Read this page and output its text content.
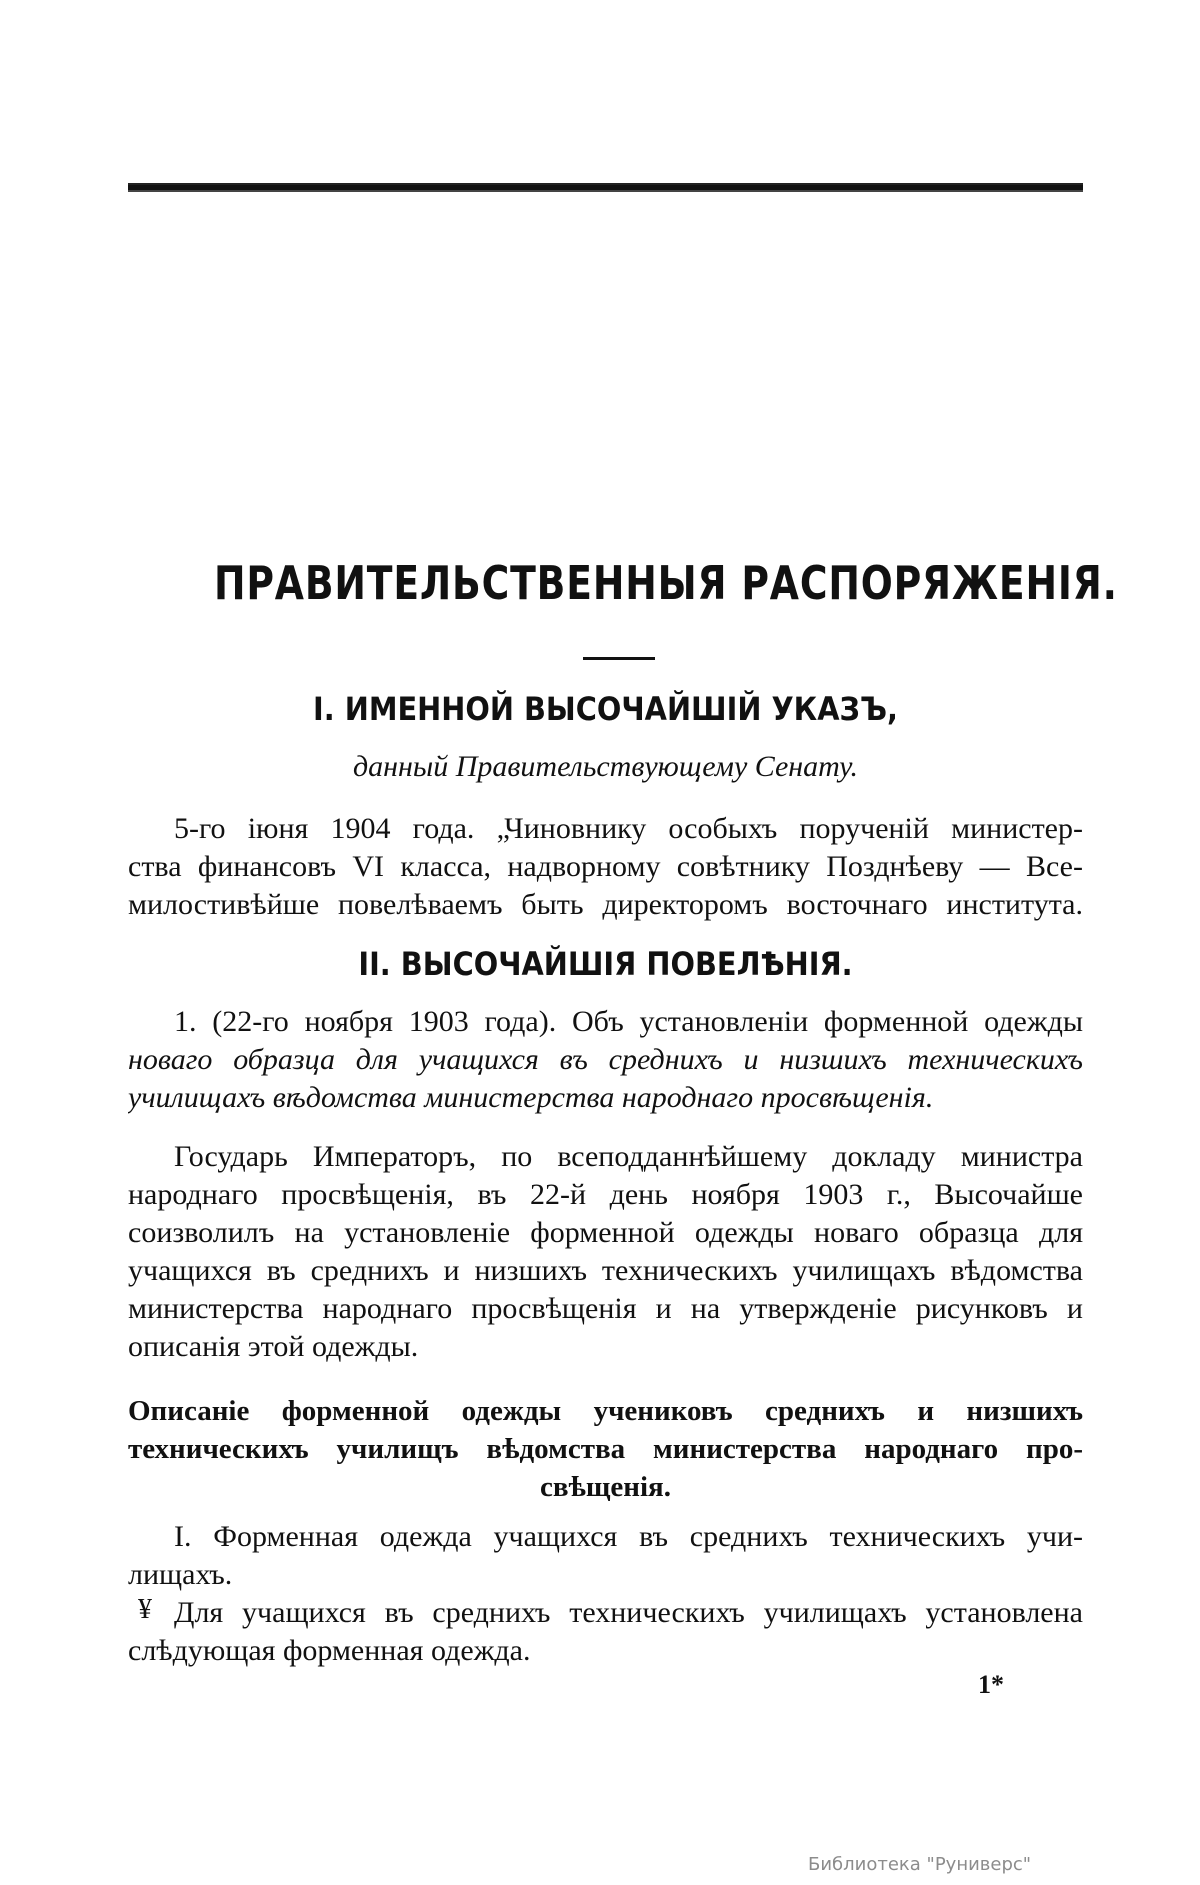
ПРАВИТЕЛЬСТВЕННЫЯ РАСПОРЯЖЕНІЯ.
I. ИМЕННОЙ ВЫСОЧАЙШІЙ УКАЗЪ,
данный Правительствующему Сенату.
5-го іюня 1904 года. „Чиновнику особыхъ порученій министер-
ства финансовъ VI класса, надворному совѣтнику Позднѣеву — Все-
милостивѣйше повелѣваемъ быть директоромъ восточнаго института.
II. ВЫСОЧАЙШІЯ ПОВЕЛѢНІЯ.
1. (22-го ноября 1903 года). Объ установленіи форменной одежды
новаго образца для учащихся въ среднихъ и низшихъ техническихъ
училищахъ вѣдомства министерства народнаго просвѣщенія.
Государь Императоръ, по всеподданнѣйшему докладу министра
народнаго просвѣщенія, въ 22-й день ноября 1903 г., Высочайше
соизволилъ на установленіе форменной одежды новаго образца для
учащихся въ среднихъ и низшихъ техническихъ училищахъ вѣдомства
министерства народнаго просвѣщенія и на утвержденіе рисунковъ и
описанія этой одежды.
Описаніе форменной одежды учениковъ среднихъ и низшихъ
техническихъ училищъ вѣдомства министерства народнаго про-
свѣщенія.
I. Форменная одежда учащихся въ среднихъ техническихъ учи-
лищахъ.
¥ Для учащихся въ среднихъ техническихъ училищахъ установлена
слѣдующая форменная одежда.
1*
Библиотека "Руниверс"
